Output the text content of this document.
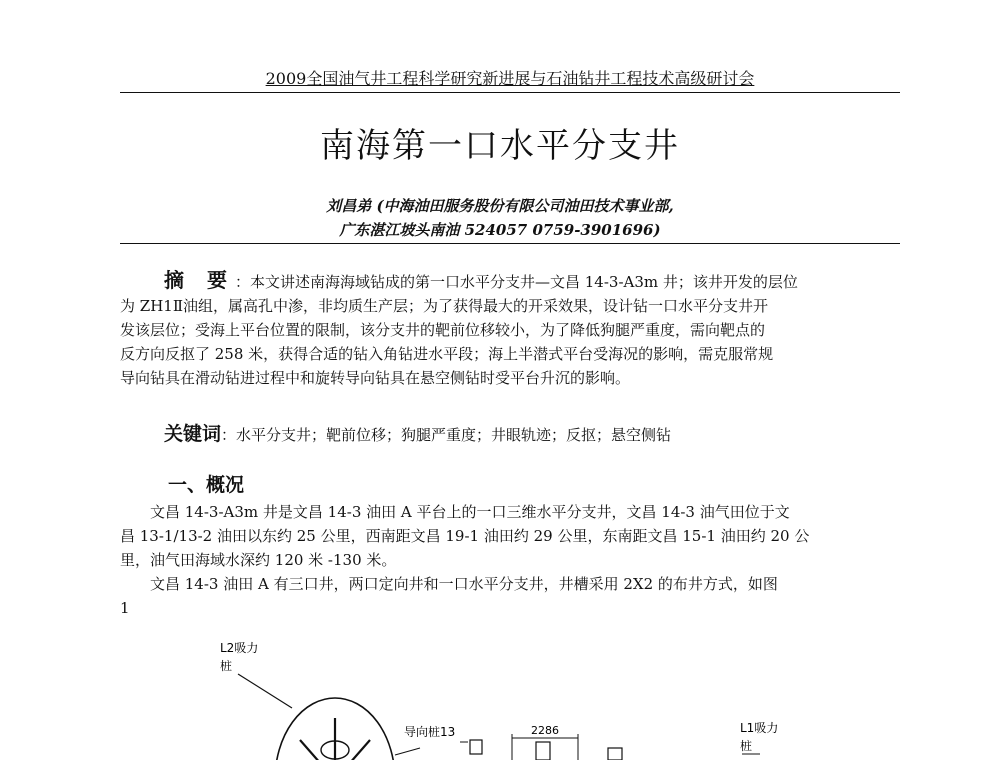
2009全国油气井工程科学研究新进展与石油钻井工程技术高级研讨会
南海第一口水平分支井
刘昌弟 (中海油田服务股份有限公司油田技术事业部,
广东湛江坡头南油 524057 0759-3901696)
摘 要：本文讲述南海海域钻成的第一口水平分支井—文昌 14-3-A3m 井；该井开发的层位
为 ZH1Ⅱ油组，属高孔中渗，非均质生产层；为了获得最大的开采效果，设计钻一口水平分支井开
发该层位；受海上平台位置的限制，该分支井的靶前位移较小，为了降低狗腿严重度，需向靶点的
反方向反抠了 258 米，获得合适的钻入角钻进水平段；海上半潜式平台受海况的影响，需克服常规
导向钻具在滑动钻进过程中和旋转导向钻具在悬空侧钻时受平台升沉的影响。
关键词：水平分支井；靶前位移；狗腿严重度；井眼轨迹；反抠；悬空侧钻
一、概况
文昌 14-3-A3m 井是文昌 14-3 油田 A 平台上的一口三维水平分支井，文昌 14-3 油气田位于文
昌 13-1/13-2 油田以东约 25 公里，西南距文昌 19-1 油田约 29 公里，东南距文昌 15-1 油田约 20 公
里，油气田海域水深约 120 米 -130 米。
文昌 14-3 油田 A 有三口井，两口定向井和一口水平分支井，井槽采用 2X2 的布井方式，如图
1
L2吸力
桩
导向桩13	2286	L1吸力
桩
